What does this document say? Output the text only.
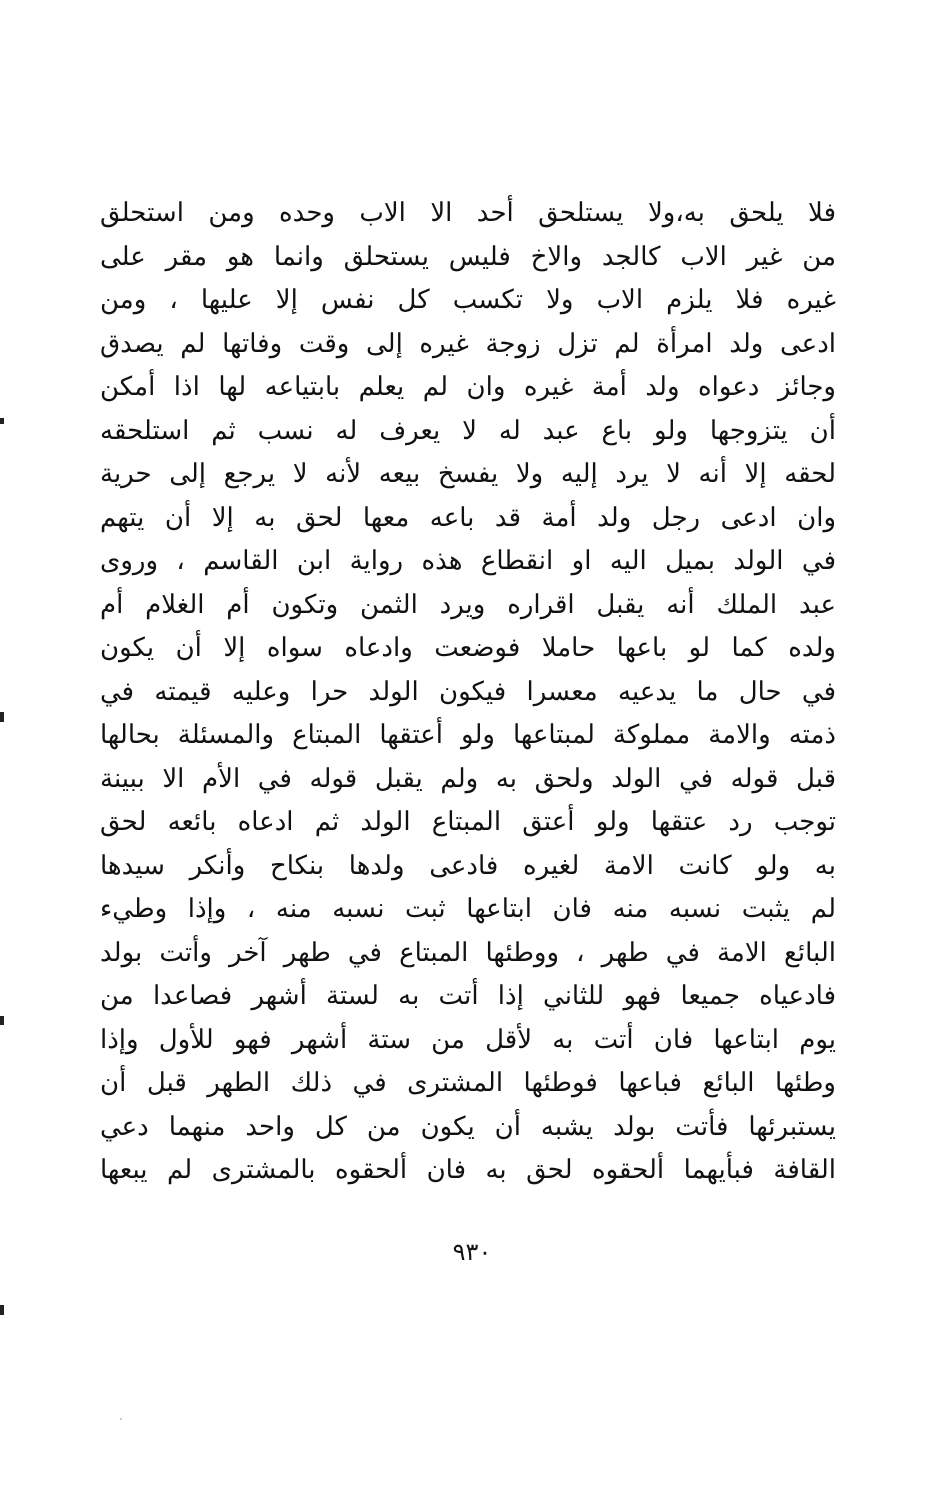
فلا يلحق به،ولا يستلحق أحد الا الاب وحده ومن استحلق
من غير الاب كالجد والاخ فليس يستحلق وانما هو مقر على
غيره فلا يلزم الاب ولا تكسب كل نفس إلا عليها ، ومن
ادعى ولد امرأة لم تزل زوجة غيره إلى وقت وفاتها لم يصدق
وجائز دعواه ولد أمة غيره وان لم يعلم بابتياعه لها اذا أمكن
أن يتزوجها ولو باع عبد له لا يعرف له نسب ثم استلحقه
لحقه إلا أنه لا يرد إليه ولا يفسخ بيعه لأنه لا يرجع إلى حرية
وان ادعى رجل ولد أمة قد باعه معها لحق به إلا أن يتهم
في الولد بميل اليه او انقطاع هذه رواية ابن القاسم ، وروى
عبد الملك أنه يقبل اقراره ويرد الثمن وتكون أم الغلام أم
ولده كما لو باعها حاملا فوضعت وادعاه سواه إلا أن يكون
في حال ما يدعيه معسرا فيكون الولد حرا وعليه قيمته في
ذمته والامة مملوكة لمبتاعها ولو أعتقها المبتاع والمسئلة بحالها
قبل قوله في الولد ولحق به ولم يقبل قوله في الأم الا ببينة
توجب رد عتقها ولو أعتق المبتاع الولد ثم ادعاه بائعه لحق
به ولو كانت الامة لغيره فادعى ولدها بنكاح وأنكر سيدها
لم يثبت نسبه منه فان ابتاعها ثبت نسبه منه ، وإذا وطيء
البائع الامة في طهر ، ووطئها المبتاع في طهر آخر وأتت بولد
فادعياه جميعا فهو للثاني إذا أتت به لستة أشهر فصاعدا من
يوم ابتاعها فان أتت به لأقل من ستة أشهر فهو للأول وإذا
وطئها البائع فباعها فوطئها المشترى في ذلك الطهر قبل أن
يستبرئها فأتت بولد يشبه أن يكون من كل واحد منهما دعي
القافة فبأيهما ألحقوه لحق به فان ألحقوه بالمشترى لم يبعها
٩٣٠
